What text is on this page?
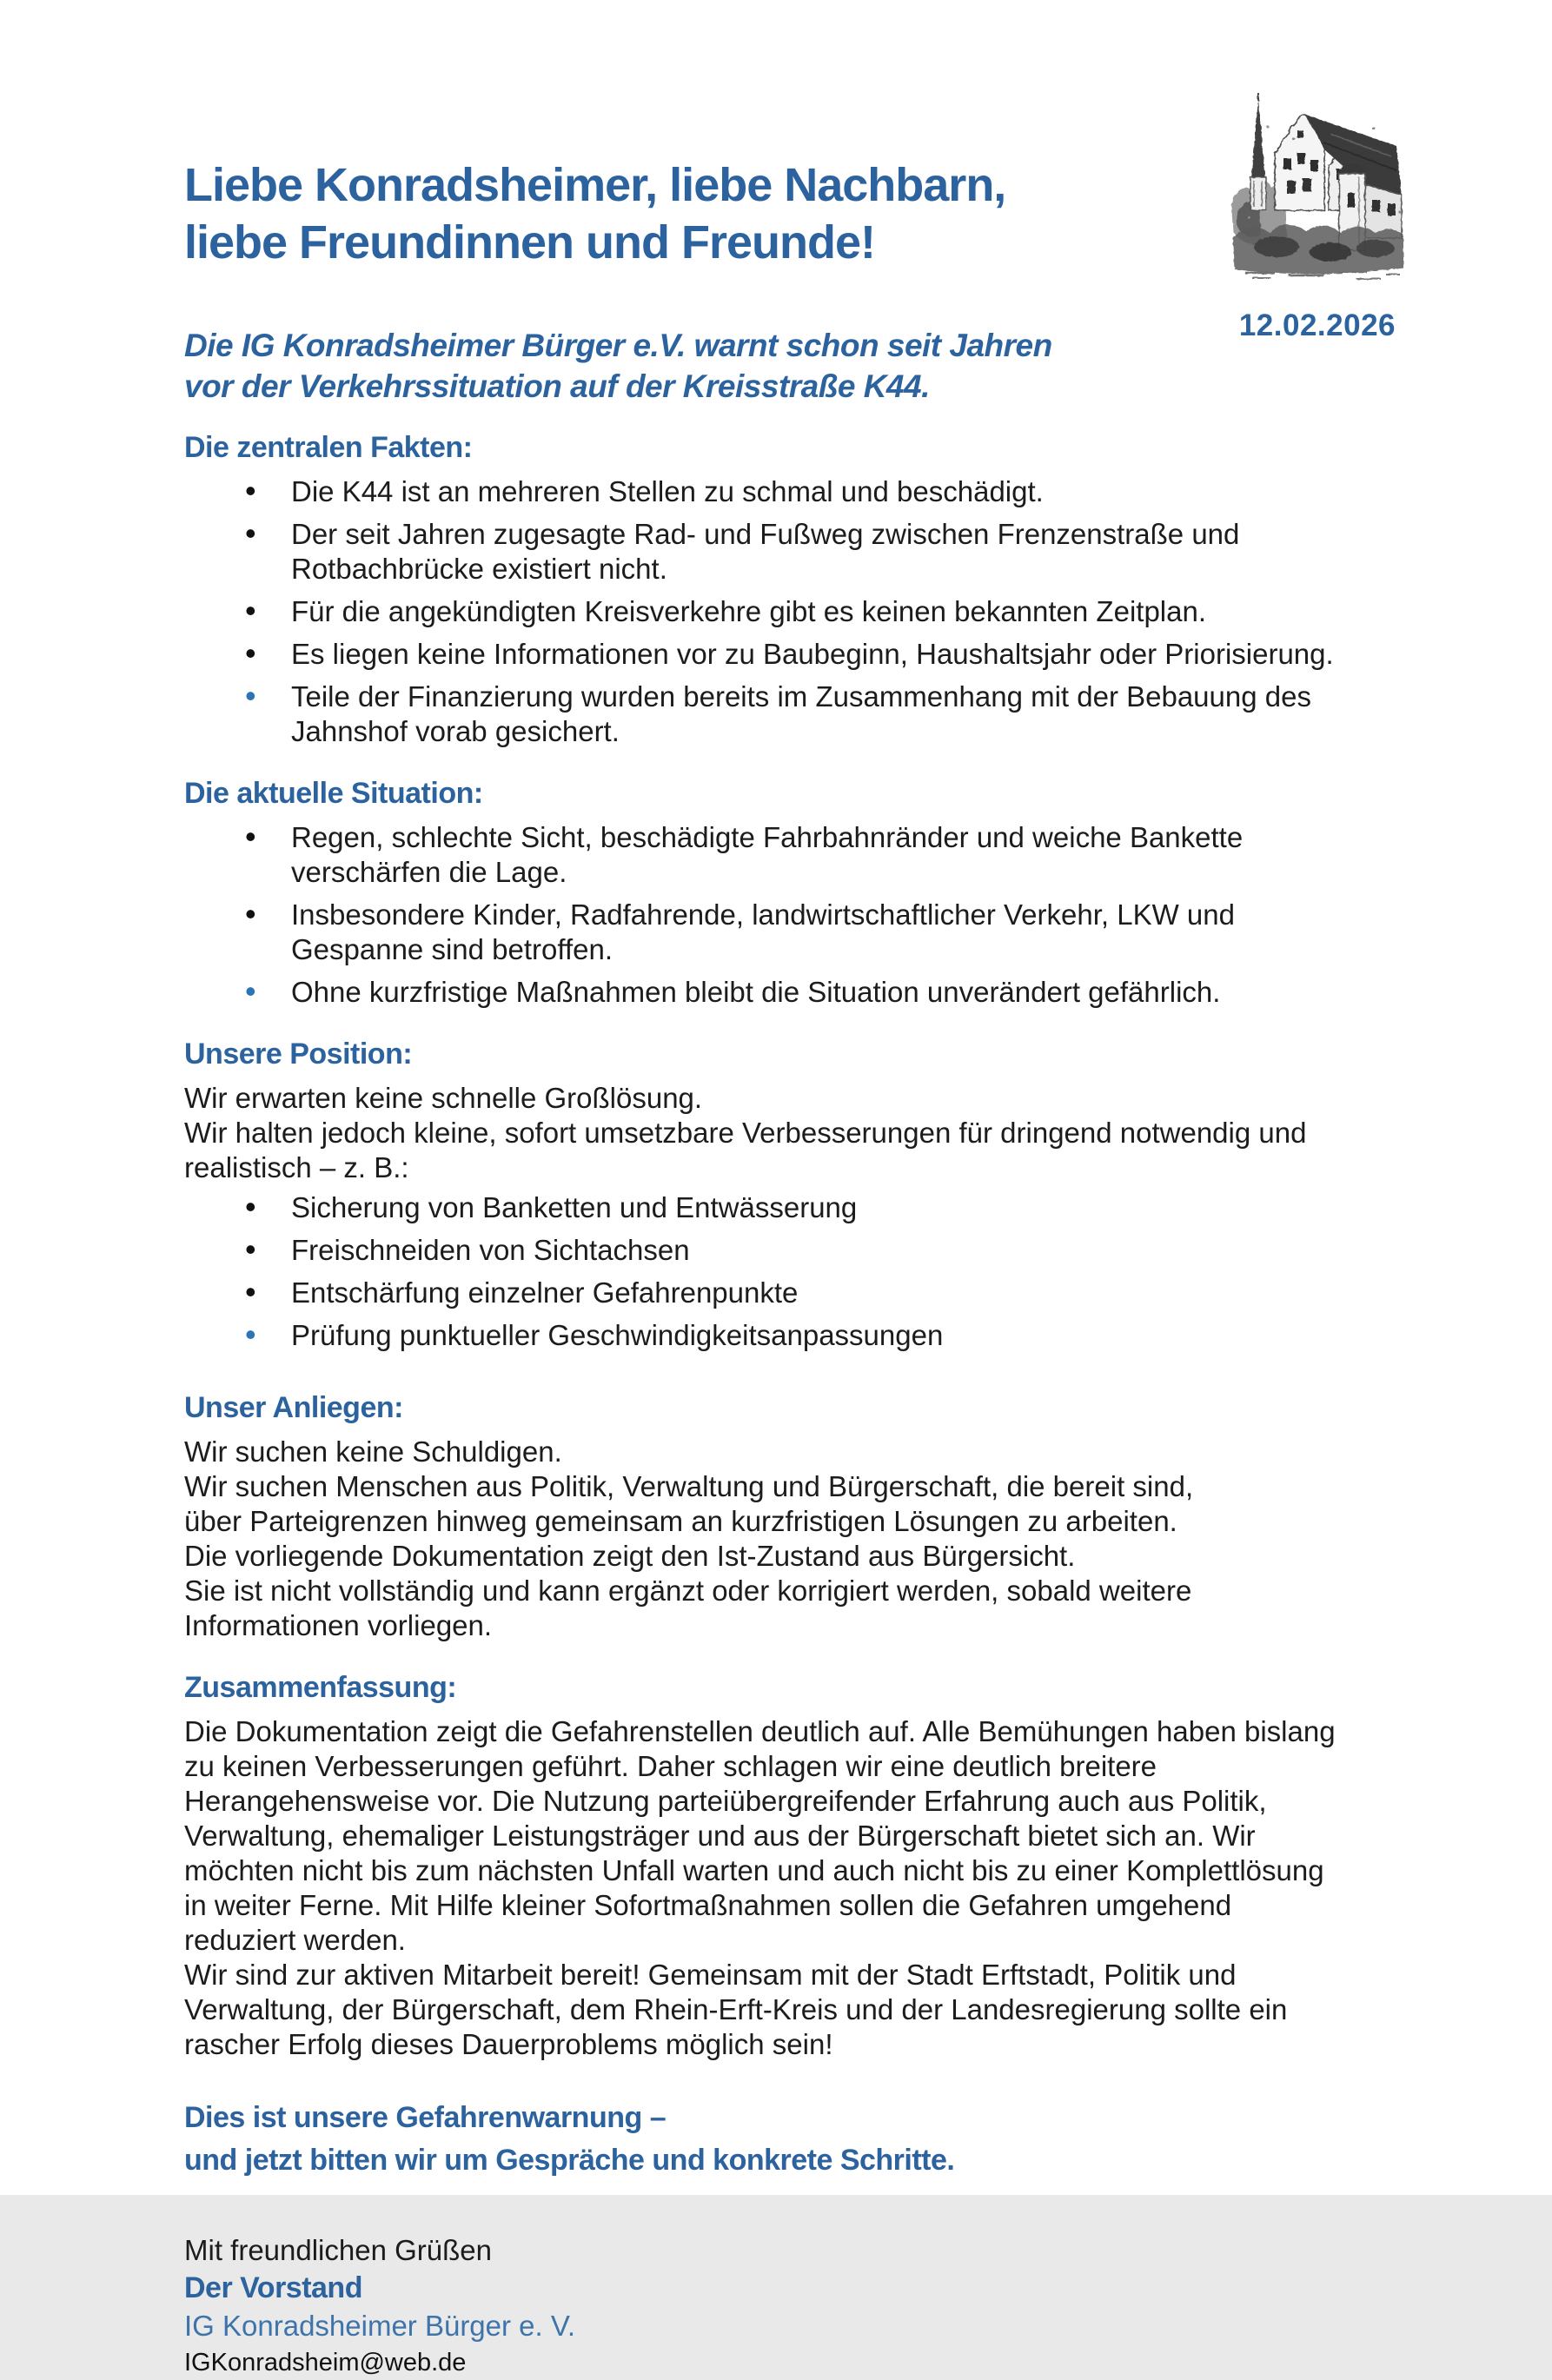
12.02.2026
Liebe Konradsheimer, liebe Nachbarn,
liebe Freundinnen und Freunde!
Die IG Konradsheimer Bürger e.V. warnt schon seit Jahren
vor der Verkehrssituation auf der Kreisstraße K44.
Die zentralen Fakten:
• Die K44 ist an mehreren Stellen zu schmal und beschädigt.
• Der seit Jahren zugesagte Rad- und Fußweg zwischen Frenzenstraße und
Rotbachbrücke existiert nicht.
• Für die angekündigten Kreisverkehre gibt es keinen bekannten Zeitplan.
• Es liegen keine Informationen vor zu Baubeginn, Haushaltsjahr oder Priorisierung.
• Teile der Finanzierung wurden bereits im Zusammenhang mit der Bebauung des
Jahnshof vorab gesichert.
Die aktuelle Situation:
• Regen, schlechte Sicht, beschädigte Fahrbahnränder und weiche Bankette
verschärfen die Lage.
• Insbesondere Kinder, Radfahrende, landwirtschaftlicher Verkehr, LKW und
Gespanne sind betroffen.
• Ohne kurzfristige Maßnahmen bleibt die Situation unverändert gefährlich.
Unsere Position:
Wir erwarten keine schnelle Großlösung.
Wir halten jedoch kleine, sofort umsetzbare Verbesserungen für dringend notwendig und
realistisch – z. B.:
• Sicherung von Banketten und Entwässerung
• Freischneiden von Sichtachsen
• Entschärfung einzelner Gefahrenpunkte
• Prüfung punktueller Geschwindigkeitsanpassungen
Unser Anliegen:
Wir suchen keine Schuldigen.
Wir suchen Menschen aus Politik, Verwaltung und Bürgerschaft, die bereit sind,
über Parteigrenzen hinweg gemeinsam an kurzfristigen Lösungen zu arbeiten.
Die vorliegende Dokumentation zeigt den Ist-Zustand aus Bürgersicht.
Sie ist nicht vollständig und kann ergänzt oder korrigiert werden, sobald weitere
Informationen vorliegen.
Zusammenfassung:
Die Dokumentation zeigt die Gefahrenstellen deutlich auf. Alle Bemühungen haben bislang
zu keinen Verbesserungen geführt. Daher schlagen wir eine deutlich breitere
Herangehensweise vor. Die Nutzung parteiübergreifender Erfahrung auch aus Politik,
Verwaltung, ehemaliger Leistungsträger und aus der Bürgerschaft bietet sich an. Wir
möchten nicht bis zum nächsten Unfall warten und auch nicht bis zu einer Komplettlösung
in weiter Ferne. Mit Hilfe kleiner Sofortmaßnahmen sollen die Gefahren umgehend
reduziert werden.
Wir sind zur aktiven Mitarbeit bereit! Gemeinsam mit der Stadt Erftstadt, Politik und
Verwaltung, der Bürgerschaft, dem Rhein-Erft-Kreis und der Landesregierung sollte ein
rascher Erfolg dieses Dauerproblems möglich sein!
Dies ist unsere Gefahrenwarnung –
und jetzt bitten wir um Gespräche und konkrete Schritte.
Mit freundlichen Grüßen
Der Vorstand
IG Konradsheimer Bürger e. V.
IGKonradsheim@web.de
